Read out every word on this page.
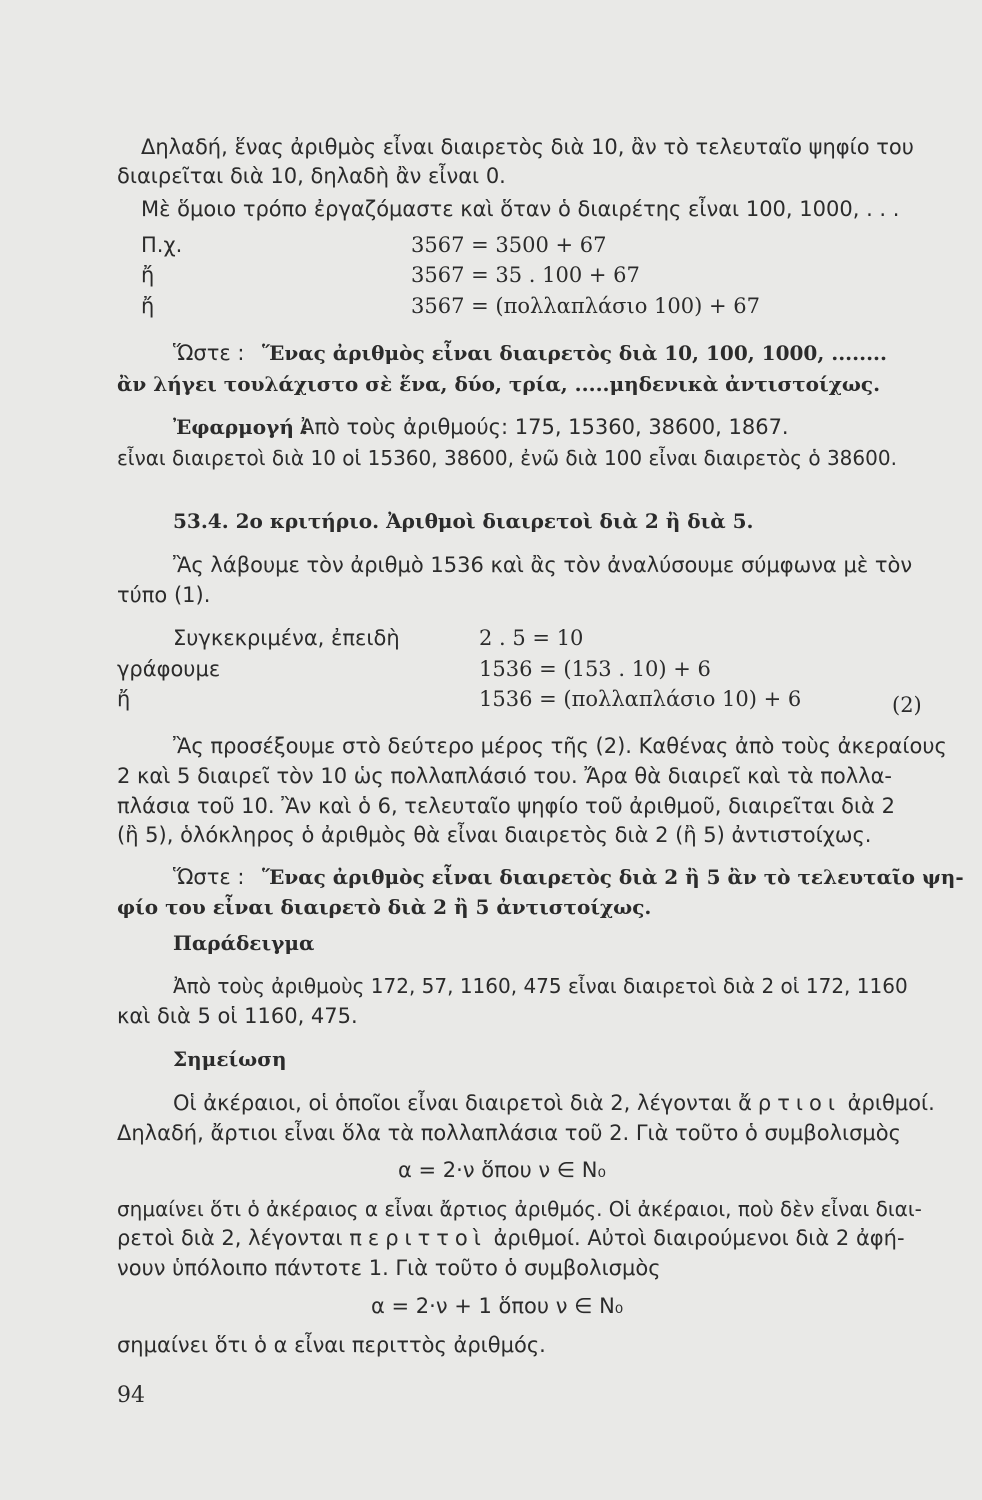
Δηλαδή, ἕνας ἀριθμὸς εἶναι διαιρετὸς διὰ 10, ἂν τὸ τελευταῖο ψηφίο του
διαιρεῖται διὰ 10, δηλαδὴ ἂν εἶναι 0.
Μὲ ὅμοιο τρόπο ἐργαζόμαστε καὶ ὅταν ὁ διαιρέτης εἶναι 100, 1000, . . .
Π.χ.	3567 = 3500 + 67
ἤ	3567 = 35 . 100 + 67
ἤ	3567 = (πολλαπλάσιο 100) + 67
Ὥστε : Ἕνας ἀριθμὸς εἶναι διαιρετὸς διὰ 10, 100, 1000, ........
ἂν λήγει τουλάχιστο σὲ ἕνα, δύο, τρία, .....μηδενικὰ ἀντιστοίχως.
Ἐφαρμογή :
Ἀπὸ τοὺς ἀριθμούς: 175, 15360, 38600, 1867.
εἶναι διαιρετοὶ διὰ 10 οἱ 15360, 38600, ἐνῶ διὰ 100 εἶναι διαιρετὸς ὁ 38600.
53.4. 2ο κριτήριο. Ἀριθμοὶ διαιρετοὶ διὰ 2 ἢ διὰ 5.
Ἂς λάβουμε τὸν ἀριθμὸ 1536 καὶ ἂς τὸν ἀναλύσουμε σύμφωνα μὲ τὸν
τύπο (1).
Συγκεκριμένα, ἐπειδὴ	2 . 5 = 10
γράφουμε	1536 = (153 . 10) + 6
ἤ	1536 = (πολλαπλάσιο 10) + 6	(2)
Ἂς προσέξουμε στὸ δεύτερο μέρος τῆς (2). Καθένας ἀπὸ τοὺς ἀκεραίους
2 καὶ 5 διαιρεῖ τὸν 10 ὡς πολλαπλάσιό του. Ἄρα θὰ διαιρεῖ καὶ τὰ πολλα-
πλάσια τοῦ 10. Ἂν καὶ ὁ 6, τελευταῖο ψηφίο τοῦ ἀριθμοῦ, διαιρεῖται διὰ 2
(ἢ 5), ὁλόκληρος ὁ ἀριθμὸς θὰ εἶναι διαιρετὸς διὰ 2 (ἢ 5) ἀντιστοίχως.
Ὥστε : Ἕνας ἀριθμὸς εἶναι διαιρετὸς διὰ 2 ἢ 5 ἂν τὸ τελευταῖο ψη-
φίο του εἶναι διαιρετὸ διὰ 2 ἢ 5 ἀντιστοίχως.
Παράδειγμα
Ἀπὸ τοὺς ἀριθμοὺς 172, 57, 1160, 475 εἶναι διαιρετοὶ διὰ 2 οἱ 172, 1160
καὶ διὰ 5 οἱ 1160, 475.
Σημείωση
Οἱ ἀκέραιοι, οἱ ὁποῖοι εἶναι διαιρετοὶ διὰ 2, λέγονται ἄρτιοι ἀριθμοί.
Δηλαδή, ἄρτιοι εἶναι ὅλα τὰ πολλαπλάσια τοῦ 2. Γιὰ τοῦτο ὁ συμβολισμὸς
α = 2·ν ὅπου ν ∈ N₀
σημαίνει ὅτι ὁ ἀκέραιος α εἶναι ἄρτιος ἀριθμός. Οἱ ἀκέραιοι, ποὺ δὲν εἶναι διαι-
ρετοὶ διὰ 2, λέγονται περιττοὶ ἀριθμοί. Αὐτοὶ διαιρούμενοι διὰ 2 ἀφή-
νουν ὑπόλοιπο πάντοτε 1. Γιὰ τοῦτο ὁ συμβολισμὸς
α = 2·ν + 1 ὅπου ν ∈ N₀
σημαίνει ὅτι ὁ α εἶναι περιττὸς ἀριθμός.
94
